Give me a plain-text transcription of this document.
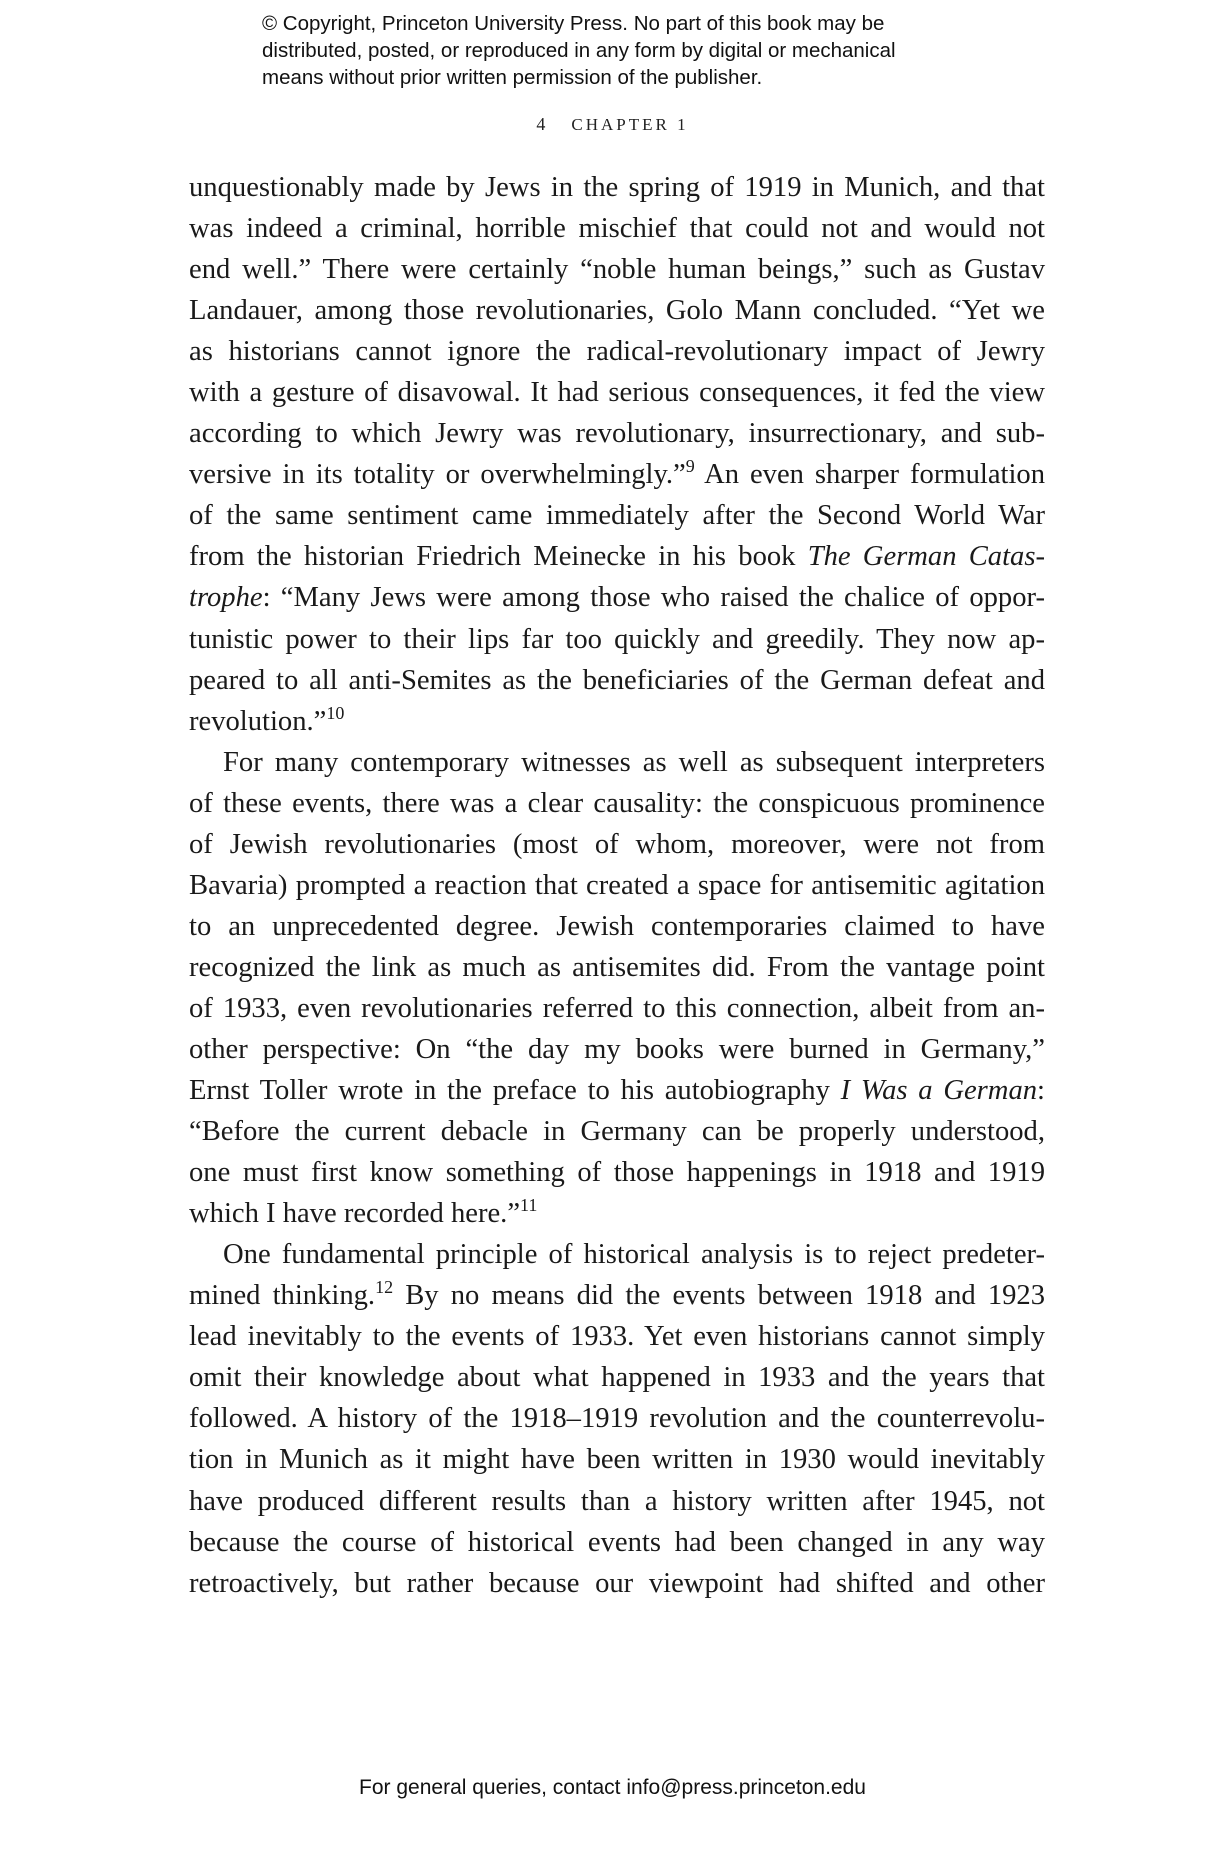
© Copyright, Princeton University Press. No part of this book may be
distributed, posted, or reproduced in any form by digital or mechanical
means without prior written permission of the publisher.
4 CHAPTER 1
unquestionably made by Jews in the spring of 1919 in Munich, and that
was indeed a criminal, horrible mischief that could not and would not
end well.” There were certainly “noble human beings,” such as Gustav
Landauer, among those revolutionaries, Golo Mann concluded. “Yet we
as historians cannot ignore the radical-revolutionary impact of Jewry
with a gesture of disavowal. It had serious consequences, it fed the view
according to which Jewry was revolutionary, insurrectionary, and sub-
versive in its totality or overwhelmingly.”$^9$ An even sharper formulation
of the same sentiment came immediately after the Second World War
from the historian Friedrich Meinecke in his book The German Catas-
trophe: “Many Jews were among those who raised the chalice of oppor-
tunistic power to their lips far too quickly and greedily. They now ap-
peared to all anti-Semites as the beneficiaries of the German defeat and
revolution.”$^{10}$
For many contemporary witnesses as well as subsequent interpreters
of these events, there was a clear causality: the conspicuous prominence
of Jewish revolutionaries (most of whom, moreover, were not from
Bavaria) prompted a reaction that created a space for antisemitic agitation
to an unprecedented degree. Jewish contemporaries claimed to have
recognized the link as much as antisemites did. From the vantage point
of 1933, even revolutionaries referred to this connection, albeit from an-
other perspective: On “the day my books were burned in Germany,”
Ernst Toller wrote in the preface to his autobiography I Was a German:
“Before the current debacle in Germany can be properly understood,
one must first know something of those happenings in 1918 and 1919
which I have recorded here.”$^{11}$
One fundamental principle of historical analysis is to reject predeter-
mined thinking.$^{12}$ By no means did the events between 1918 and 1923
lead inevitably to the events of 1933. Yet even historians cannot simply
omit their knowledge about what happened in 1933 and the years that
followed. A history of the 1918–1919 revolution and the counterrevolu-
tion in Munich as it might have been written in 1930 would inevitably
have produced different results than a history written after 1945, not
because the course of historical events had been changed in any way
retroactively, but rather because our viewpoint had shifted and other
For general queries, contact info@press.princeton.edu
